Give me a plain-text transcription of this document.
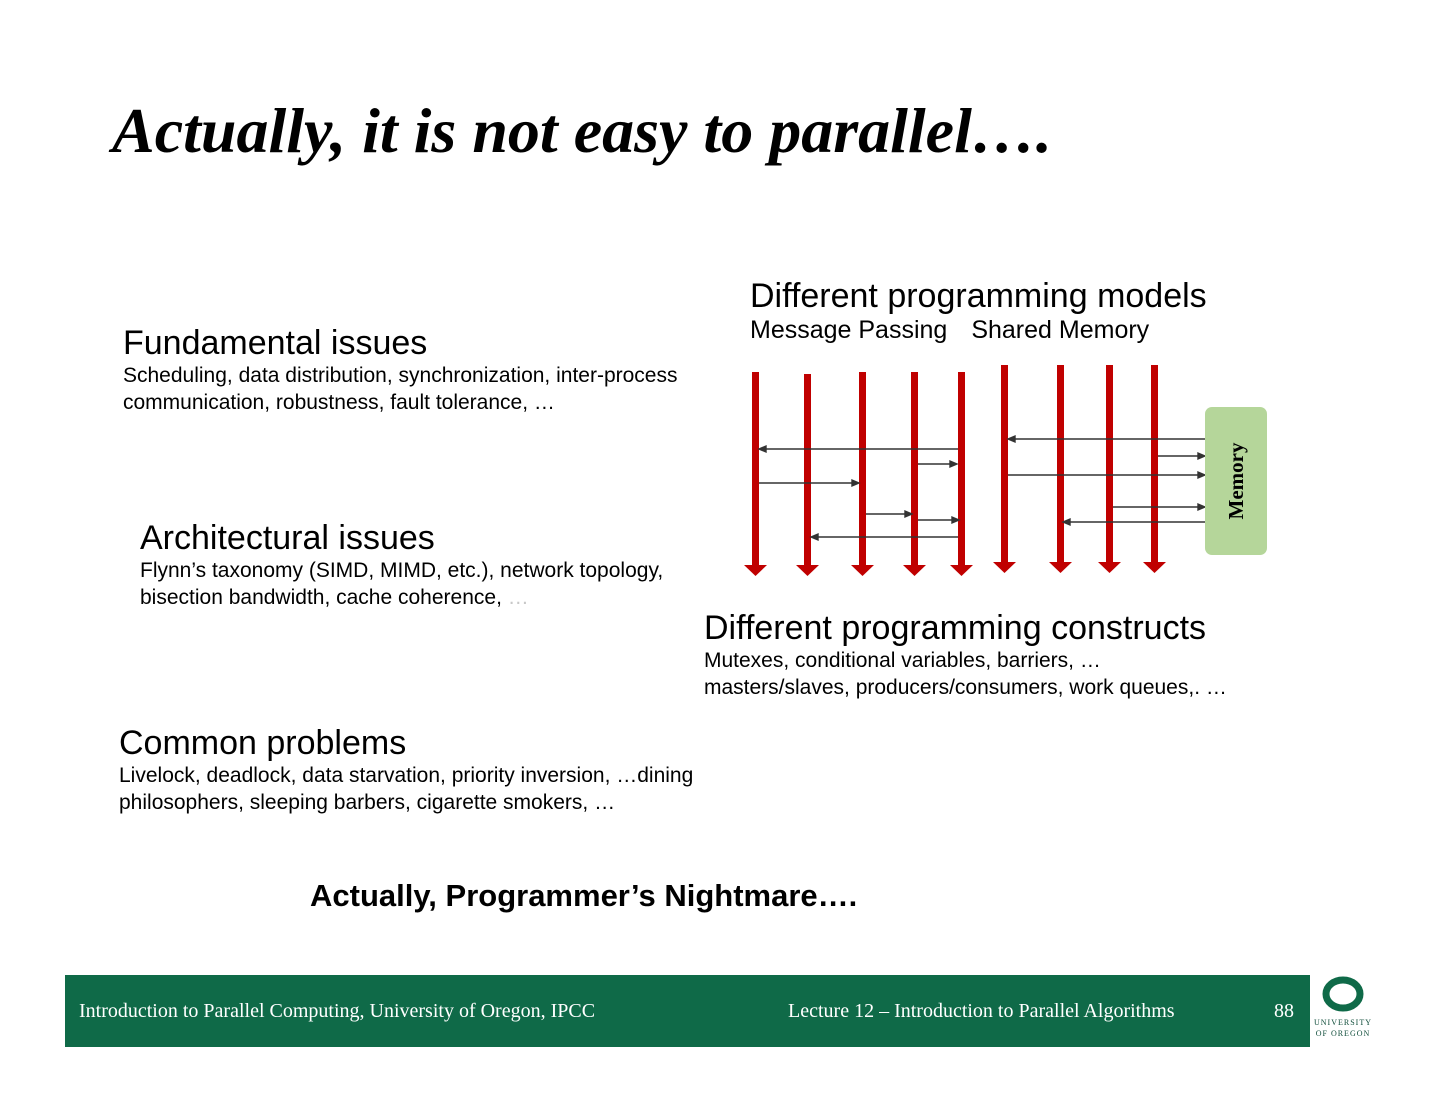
Actually, it is not easy to parallel….
Fundamental issues
Scheduling, data distribution, synchronization, inter-process communication, robustness, fault tolerance, …
Architectural issues
Flynn’s taxonomy (SIMD, MIMD, etc.), network topology, bisection bandwidth, cache coherence, …
Common problems
Livelock, deadlock, data starvation, priority inversion, …dining philosophers, sleeping barbers, cigarette smokers, …
Different programming models
Message Passing Shared Memory
Memory
Different programming constructs
Mutexes, conditional variables, barriers, …
masters/slaves, producers/consumers, work queues,. …
Actually, Programmer’s Nightmare….
Introduction to Parallel Computing, University of Oregon, IPCC	Lecture 12 – Introduction to Parallel Algorithms	88
UNIVERSITY
OF OREGON
